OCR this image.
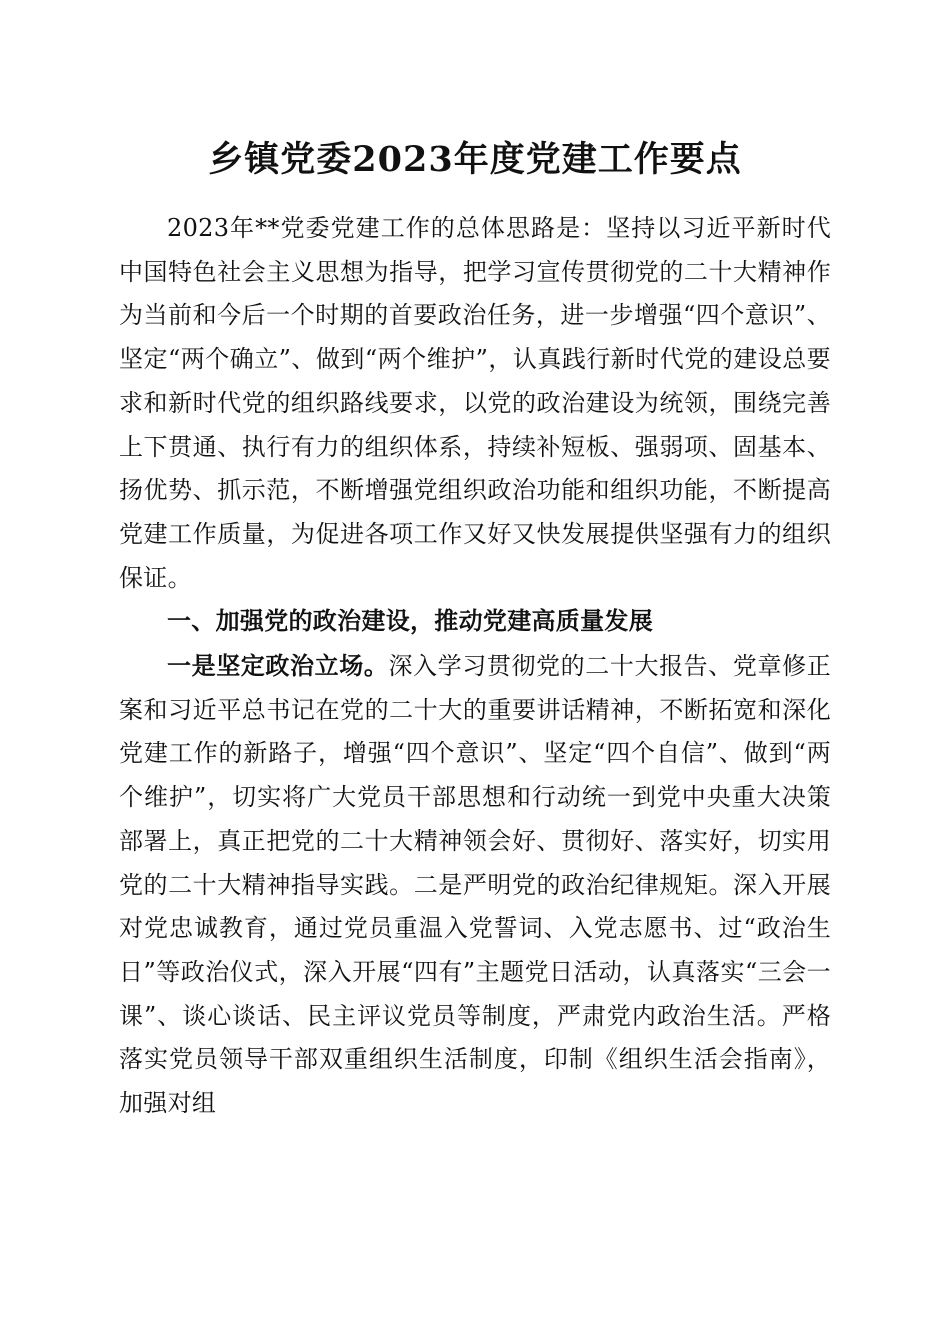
乡镇党委2023年度党建工作要点

2023年**党委党建工作的总体思路是：坚持以习近平新时代中国特色社会主义思想为指导，把学习宣传贯彻党的二十大精神作为当前和今后一个时期的首要政治任务，进一步增强“四个意识”、坚定“两个确立”、做到“两个维护”，认真践行新时代党的建设总要求和新时代党的组织路线要求，以党的政治建设为统领，围绕完善上下贯通、执行有力的组织体系，持续补短板、强弱项、固基本、扬优势、抓示范，不断增强党组织政治功能和组织功能，不断提高党建工作质量，为促进各项工作又好又快发展提供坚强有力的组织保证。

一、加强党的政治建设，推动党建高质量发展

一是坚定政治立场。深入学习贯彻党的二十大报告、党章修正案和习近平总书记在党的二十大的重要讲话精神，不断拓宽和深化党建工作的新路子，增强“四个意识”、坚定“四个自信”、做到“两个维护”，切实将广大党员干部思想和行动统一到党中央重大决策部署上，真正把党的二十大精神领会好、贯彻好、落实好，切实用党的二十大精神指导实践。二是严明党的政治纪律规矩。深入开展对党忠诚教育，通过党员重温入党誓词、入党志愿书、过“政治生日”等政治仪式，深入开展“四有”主题党日活动，认真落实“三会一课”、谈心谈话、民主评议党员等制度，严肃党内政治生活。严格落实党员领导干部双重组织生活制度，印制《组织生活会指南》，加强对组
